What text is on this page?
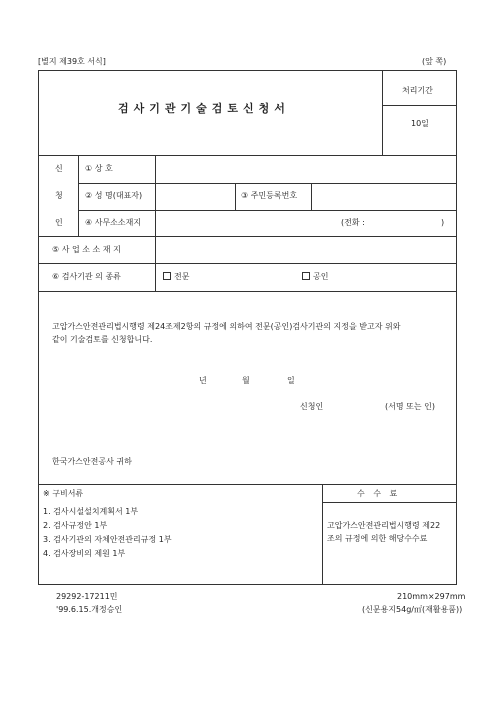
[별지 제39호 서식]	(앞 쪽)
검사기관기술검토신청서
처리기간
10일
신
청
인
① 상 호
② 성 명(대표자)	③ 주민등록번호
④ 사무소소재지	(전화 :	)
⑤ 사 업 소 소 재 지
⑥ 검사기관 의 종류	전문	공인
고압가스안전관리법시행령 제24조제2항의 규정에 의하여 전문(공인)검사기관의 지정을 받고자 위와
같이 기술검토를 신청합니다.
년	월	일
신청인	(서명 또는 인)
한국가스안전공사 귀하
※ 구비서류
1. 검사시설설치계획서 1부
2. 검사규정안 1부
3. 검사기관의 자체안전관리규정 1부
4. 검사장비의 제원 1부
수 수 료
고압가스안전관리법시행령 제22
조의 규정에 의한 해당수수료
29292-17211민
'99.6.15.개정승인
210mm×297mm
(신문용지54g/㎡(재활용품))
